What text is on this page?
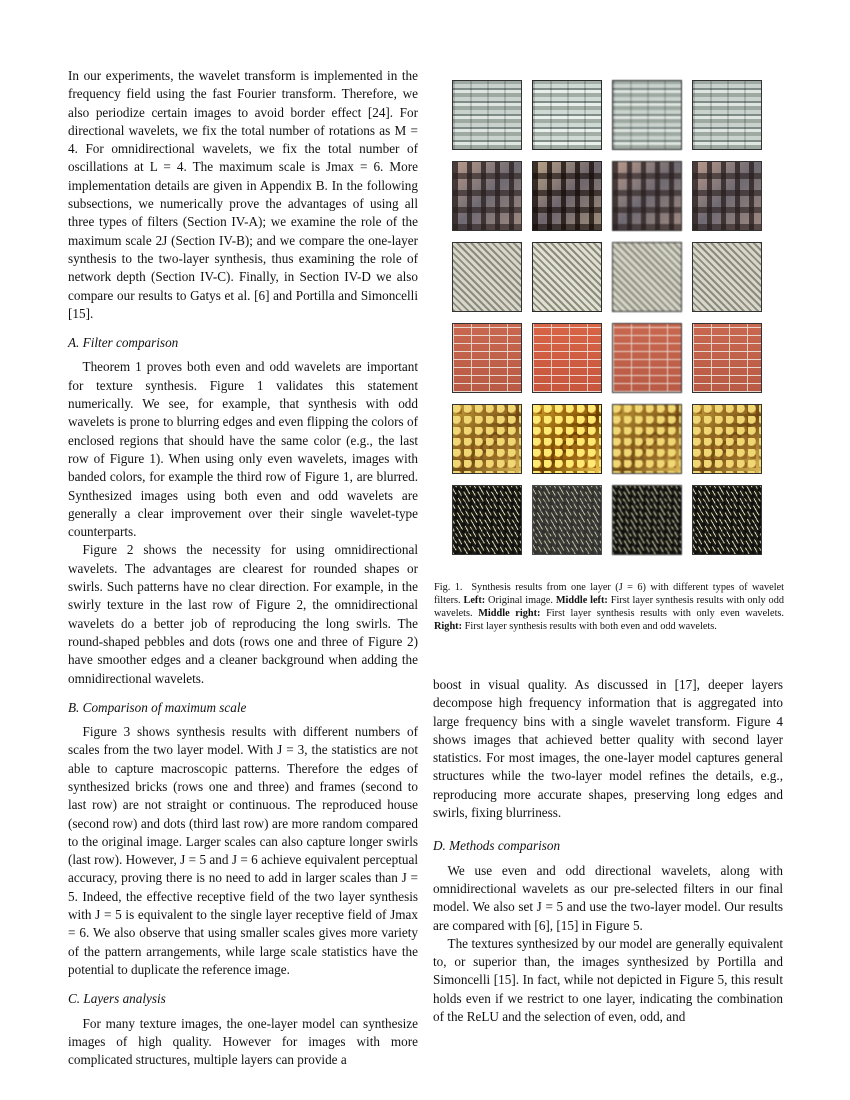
In our experiments, the wavelet transform is implemented in the frequency field using the fast Fourier transform. Therefore, we also periodize certain images to avoid border effect [24]. For directional wavelets, we fix the total number of rotations as M = 4. For omnidirectional wavelets, we fix the total number of oscillations at L = 4. The maximum scale is Jmax = 6. More implementation details are given in Appendix B. In the following subsections, we numerically prove the advantages of using all three types of filters (Section IV-A); we examine the role of the maximum scale 2J (Section IV-B); and we compare the one-layer synthesis to the two-layer synthesis, thus examining the role of network depth (Section IV-C). Finally, in Section IV-D we also compare our results to Gatys et al. [6] and Portilla and Simoncelli [15].

A. Filter comparison

Theorem 1 proves both even and odd wavelets are important for texture synthesis. Figure 1 validates this statement numerically. We see, for example, that synthesis with odd wavelets is prone to blurring edges and even flipping the colors of enclosed regions that should have the same color (e.g., the last row of Figure 1). When using only even wavelets, images with banded colors, for example the third row of Figure 1, are blurred. Synthesized images using both even and odd wavelets are generally a clear improvement over their single wavelet-type counterparts.

Figure 2 shows the necessity for using omnidirectional wavelets. The advantages are clearest for rounded shapes or swirls. Such patterns have no clear direction. For example, in the swirly texture in the last row of Figure 2, the omnidirectional wavelets do a better job of reproducing the long swirls. The round-shaped pebbles and dots (rows one and three of Figure 2) have smoother edges and a cleaner background when adding the omnidirectional wavelets.

B. Comparison of maximum scale

Figure 3 shows synthesis results with different numbers of scales from the two layer model. With J = 3, the statistics are not able to capture macroscopic patterns. Therefore the edges of synthesized bricks (rows one and three) and frames (second to last row) are not straight or continuous. The reproduced house (second row) and dots (third last row) are more random compared to the original image. Larger scales can also capture longer swirls (last row). However, J = 5 and J = 6 achieve equivalent perceptual accuracy, proving there is no need to add in larger scales than J = 5. Indeed, the effective receptive field of the two layer synthesis with J = 5 is equivalent to the single layer receptive field of Jmax = 6. We also observe that using smaller scales gives more variety of the pattern arrangements, while large scale statistics have the potential to duplicate the reference image.

C. Layers analysis

For many texture images, the one-layer model can synthesize images of high quality. However for images with more complicated structures, multiple layers can provide a

Fig. 1. Synthesis results from one layer (J = 6) with different types of wavelet filters. Left: Original image. Middle left: First layer synthesis results with only odd wavelets. Middle right: First layer synthesis results with only even wavelets. Right: First layer synthesis results with both even and odd wavelets.

boost in visual quality. As discussed in [17], deeper layers decompose high frequency information that is aggregated into large frequency bins with a single wavelet transform. Figure 4 shows images that achieved better quality with second layer statistics. For most images, the one-layer model captures general structures while the two-layer model refines the details, e.g., reproducing more accurate shapes, preserving long edges and swirls, fixing blurriness.

D. Methods comparison

We use even and odd directional wavelets, along with omnidirectional wavelets as our pre-selected filters in our final model. We also set J = 5 and use the two-layer model. Our results are compared with [6], [15] in Figure 5.

The textures synthesized by our model are generally equivalent to, or superior than, the images synthesized by Portilla and Simoncelli [15]. In fact, while not depicted in Figure 5, this result holds even if we restrict to one layer, indicating the combination of the ReLU and the selection of even, odd, and
